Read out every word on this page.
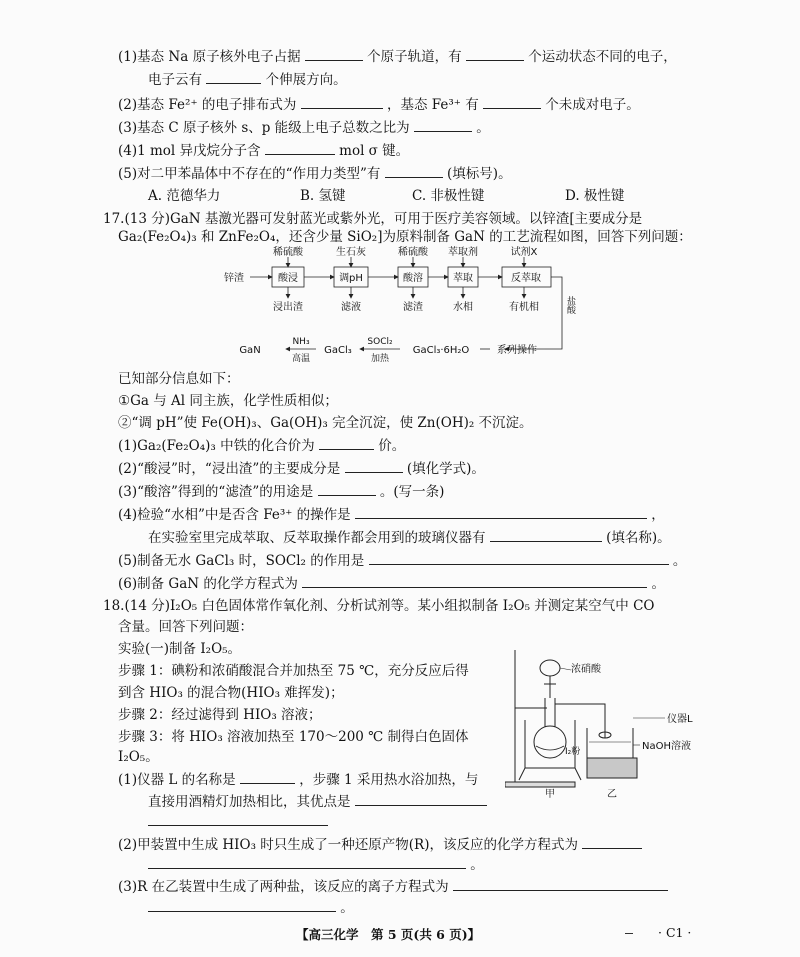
(1)基态 Na 原子核外电子占据	个原子轨道，有	个运动状态不同的电子，
电子云有	个伸展方向。
(2)基态 Fe²⁺ 的电子排布式为	，基态 Fe³⁺ 有	个未成对电子。
(3)基态 C 原子核外 s、p 能级上电子总数之比为	。
(4)1 mol 异戊烷分子含	mol σ 键。
(5)对二甲苯晶体中不存在的“作用力类型”有	(填标号)。
A. 范德华力	B. 氢键	C. 非极性键	D. 极性键
17.(13 分)GaN 基激光器可发射蓝光或紫外光，可用于医疗美容领域。以锌渣[主要成分是
Ga₂(Fe₂O₄)₃ 和 ZnFe₂O₄，还含少量 SiO₂]为原料制备 GaN 的工艺流程如图，回答下列问题：
锌渣
稀硫酸	生石灰	稀硫酸 萃取剂	试剂X
酸浸	调pH	酸溶	萃取	反萃取
浸出渣	滤液	滤渣	水相	有机相	盐酸
系列操作
GaCl₃·6H₂O
GaCl₃
SOCl₂
加热
NH₃
高温
GaN
已知部分信息如下：
①Ga 与 Al 同主族，化学性质相似；
②“调 pH”使 Fe(OH)₃、Ga(OH)₃ 完全沉淀，使 Zn(OH)₂ 不沉淀。
(1)Ga₂(Fe₂O₄)₃ 中铁的化合价为	价。
(2)“酸浸”时，“浸出渣”的主要成分是	(填化学式)。
(3)“酸溶”得到的“滤渣”的用途是	。(写一条)
(4)检验“水相”中是否含 Fe³⁺ 的操作是	，
在实验室里完成萃取、反萃取操作都会用到的玻璃仪器有	(填名称)。
(5)制备无水 GaCl₃ 时，SOCl₂ 的作用是	。
(6)制备 GaN 的化学方程式为	。
18.(14 分)I₂O₅ 白色固体常作氧化剂、分析试剂等。某小组拟制备 I₂O₅ 并测定某空气中 CO
含量。回答下列问题：
实验(一)制备 I₂O₅。
步骤 1：碘粉和浓硝酸混合并加热至 75 ℃，充分反应后得
到含 HIO₃ 的混合物(HIO₃ 难挥发)；
步骤 2：经过滤得到 HIO₃ 溶液；
步骤 3：将 HIO₃ 溶液加热至 170～200 ℃ 制得白色固体
I₂O₅。
(1)仪器 L 的名称是	，步骤 1 采用热水浴加热，与
直接用酒精灯加热相比，其优点是
(2)甲装置中生成 HIO₃ 时只生成了一种还原产物(R)，该反应的化学方程式为
。
(3)R 在乙装置中生成了两种盐，该反应的离子方程式为
。
浓硝酸
仪器L
NaOH溶液
I₂粉
甲	乙
【高三化学　第 5 页(共 6 页)】	· C1 ·
